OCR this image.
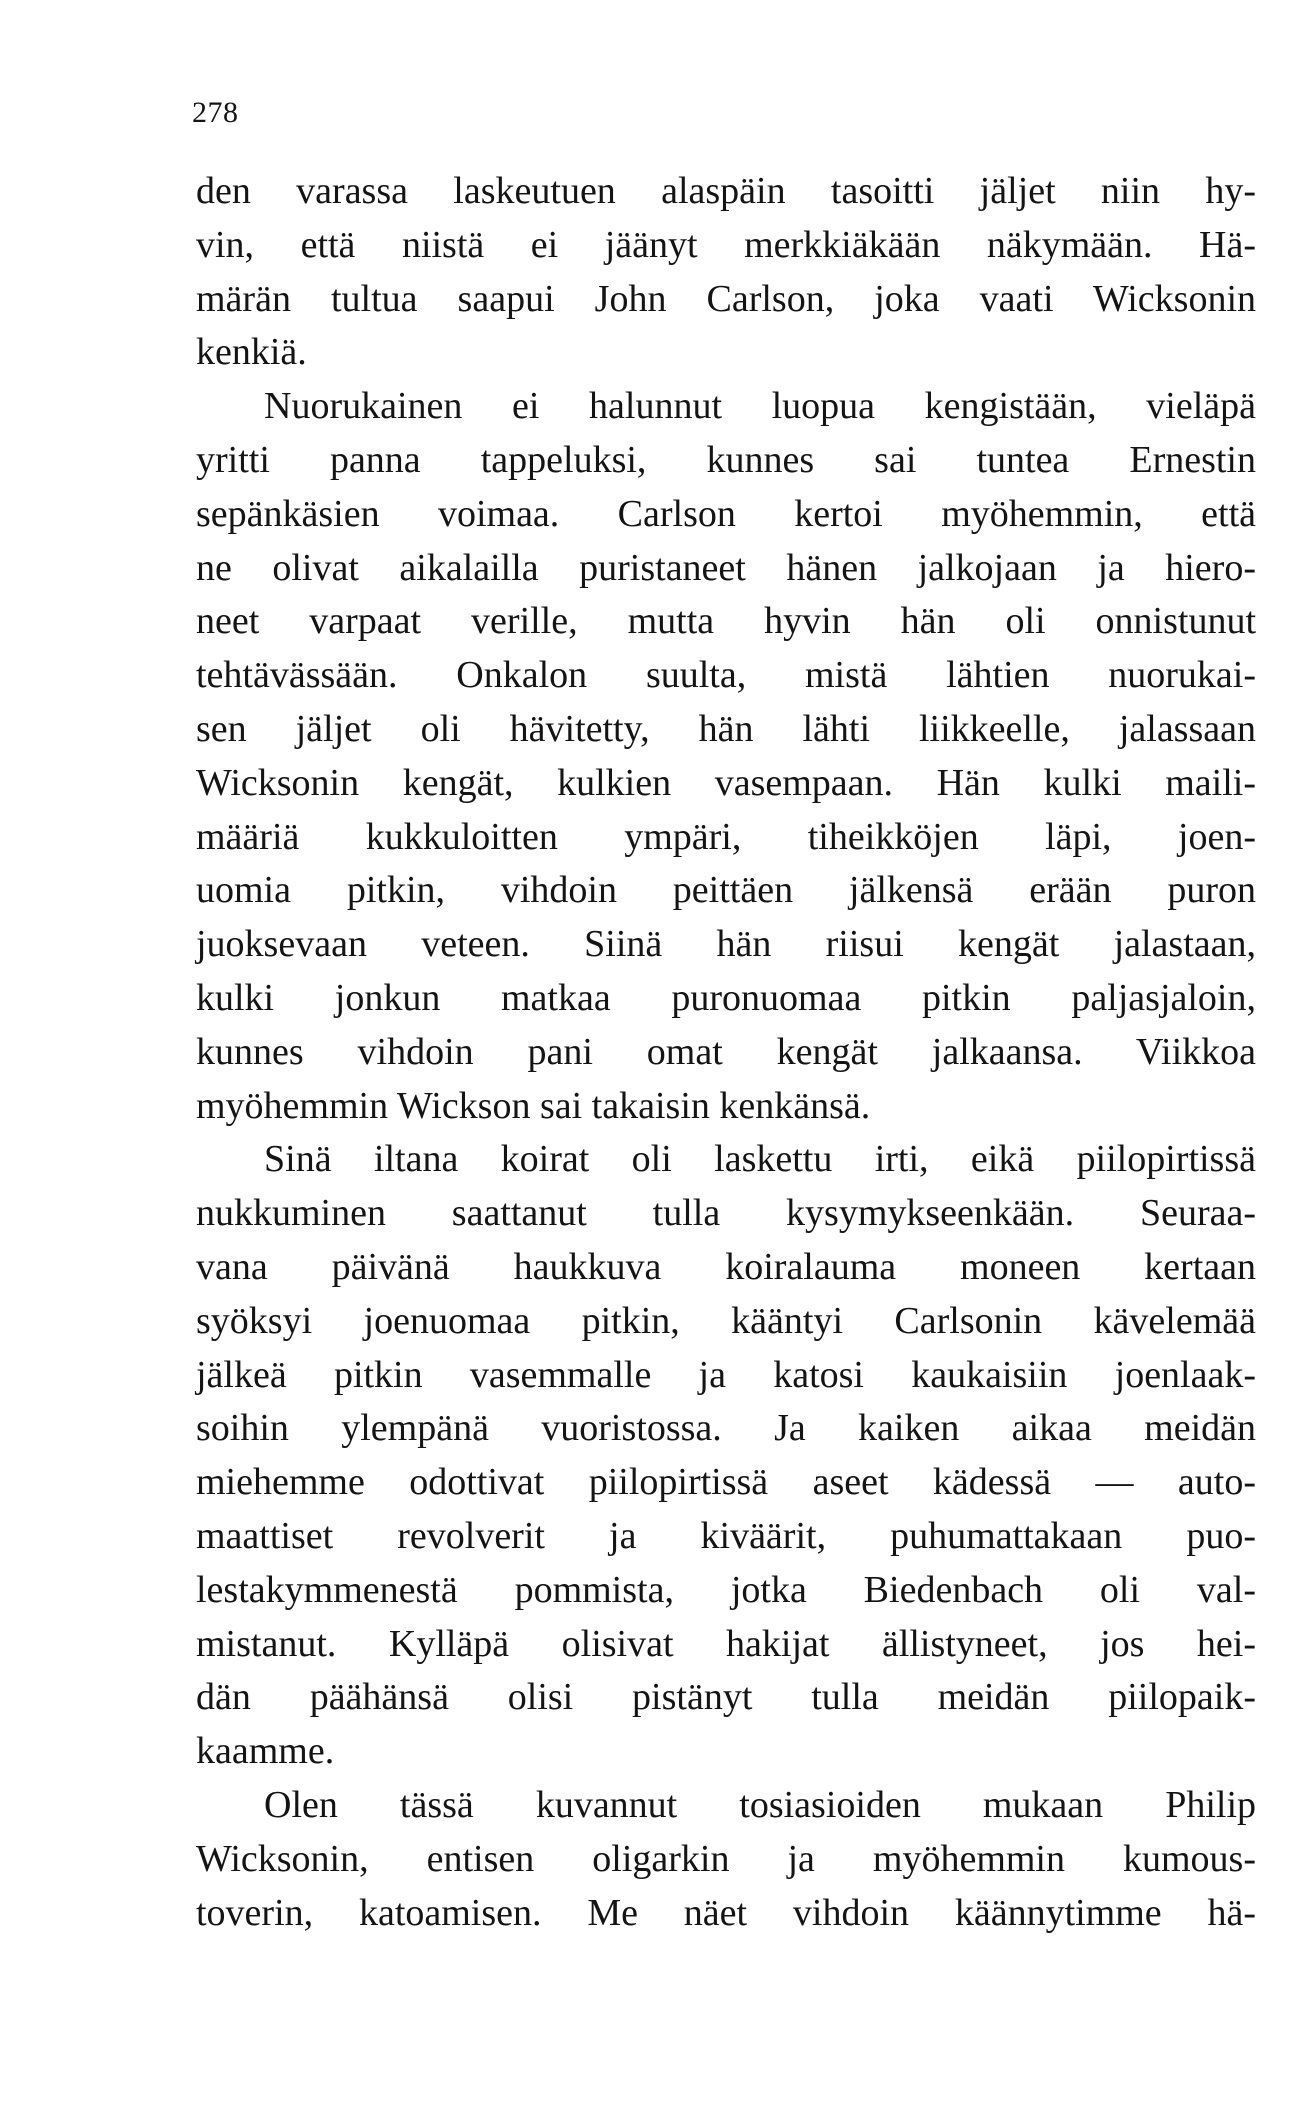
278
den varassa laskeutuen alaspäin tasoitti jäljet niin hy-
vin, että niistä ei jäänyt merkkiäkään näkymään. Hä-
märän tultua saapui John Carlson, joka vaati Wicksonin
kenkiä.
Nuorukainen ei halunnut luopua kengistään, vieläpä
yritti panna tappeluksi, kunnes sai tuntea Ernestin
sepänkäsien voimaa. Carlson kertoi myöhemmin, että
ne olivat aikalailla puristaneet hänen jalkojaan ja hiero-
neet varpaat verille, mutta hyvin hän oli onnistunut
tehtävässään. Onkalon suulta, mistä lähtien nuorukai-
sen jäljet oli hävitetty, hän lähti liikkeelle, jalassaan
Wicksonin kengät, kulkien vasempaan. Hän kulki maili-
määriä kukkuloitten ympäri, tiheikköjen läpi, joen-
uomia pitkin, vihdoin peittäen jälkensä erään puron
juoksevaan veteen. Siinä hän riisui kengät jalastaan,
kulki jonkun matkaa puronuomaa pitkin paljasjaloin,
kunnes vihdoin pani omat kengät jalkaansa. Viikkoa
myöhemmin Wickson sai takaisin kenkänsä.
Sinä iltana koirat oli laskettu irti, eikä piilopirtissä
nukkuminen saattanut tulla kysymykseenkään. Seuraa-
vana päivänä haukkuva koiralauma moneen kertaan
syöksyi joenuomaa pitkin, kääntyi Carlsonin kävelemää
jälkeä pitkin vasemmalle ja katosi kaukaisiin joenlaak-
soihin ylempänä vuoristossa. Ja kaiken aikaa meidän
miehemme odottivat piilopirtissä aseet kädessä — auto-
maattiset revolverit ja kiväärit, puhumattakaan puo-
lestakymmenestä pommista, jotka Biedenbach oli val-
mistanut. Kylläpä olisivat hakijat ällistyneet, jos hei-
dän päähänsä olisi pistänyt tulla meidän piilopaik-
kaamme.
Olen tässä kuvannut tosiasioiden mukaan Philip
Wicksonin, entisen oligarkin ja myöhemmin kumous-
toverin, katoamisen. Me näet vihdoin käännytimme hä-
